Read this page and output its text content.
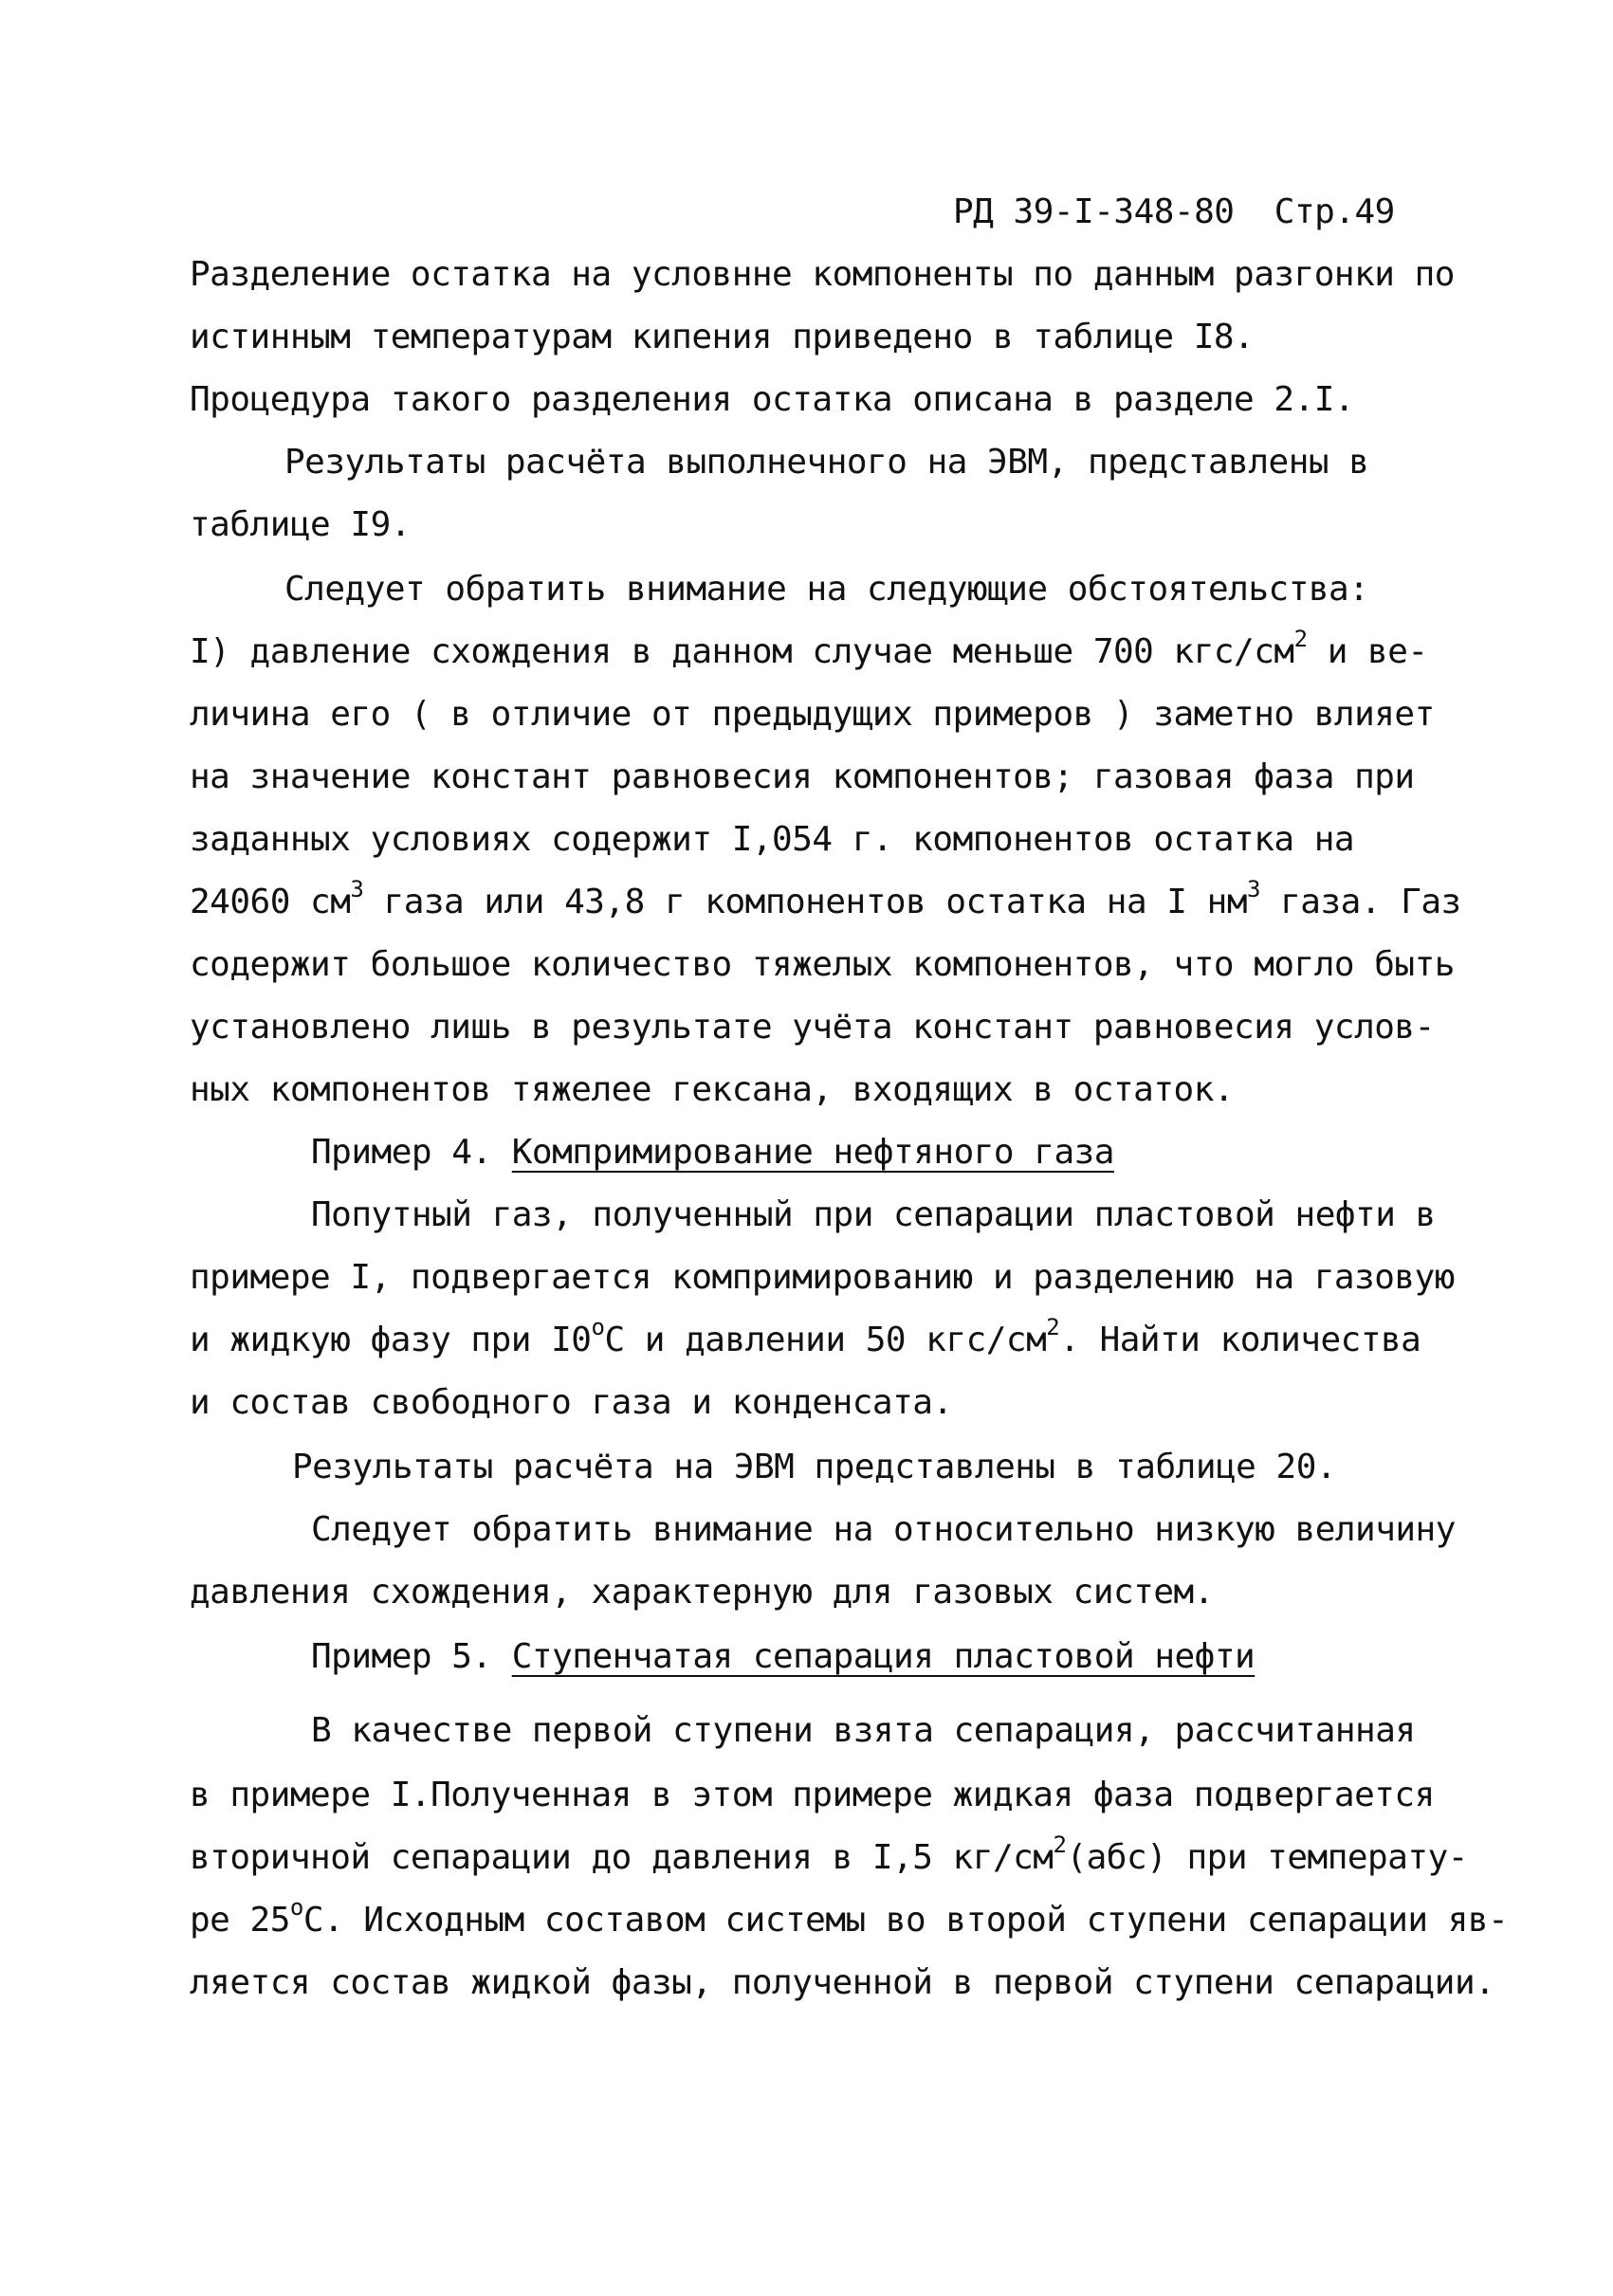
РД 39-I-348-80 Стр.49
Разделение остатка на условнне компоненты по данным разгонки по
истинным температурам кипения приведено в таблице I8.
Процедура такого разделения остатка описана в разделе 2.I.
Результаты расчёта выполнечного на ЭВМ, представлены в
таблице I9.
Следует обратить внимание на следующие обстоятельства:
I) давление схождения в данном случае меньше 700 кгс/$см^2$ и ве-
личина его ( в отличие от предыдущих примеров ) заметно влияет
на значение констант равновесия компонентов; газовая фаза при
заданных условиях содержит I,054 г. компонентов остатка на
24060 $см^3$ газа или 43,8 г компонентов остатка на I $нм^3$ газа. Газ
содержит большое количество тяжелых компонентов, что могло быть
установлено лишь в результате учёта констант равновесия услов-
ных компонентов тяжелее гексана, входящих в остаток.
Пример 4. Компримирование нефтяного газа
Попутный газ, полученный при сепарации пластовой нефти в
примере I, подвергается компримированию и разделению на газовую
и жидкую фазу при I0$^o$C и давлении 50 кгс/$см^2$. Найти количества
и состав свободного газа и конденсата.
Результаты расчёта на ЭВМ представлены в таблице 20.
Следует обратить внимание на относительно низкую величину
давления схождения, характерную для газовых систем.
Пример 5. Ступенчатая сепарация пластовой нефти
В качестве первой ступени взята сепарация, рассчитанная
в примере I.Полученная в этом примере жидкая фаза подвергается
вторичной сепарации до давления в I,5 $кг/см^2(абс)$ при температу-
ре 25$^o$C. Исходным составом системы во второй ступени сепарации яв-
ляется состав жидкой фазы, полученной в первой ступени сепарации.
